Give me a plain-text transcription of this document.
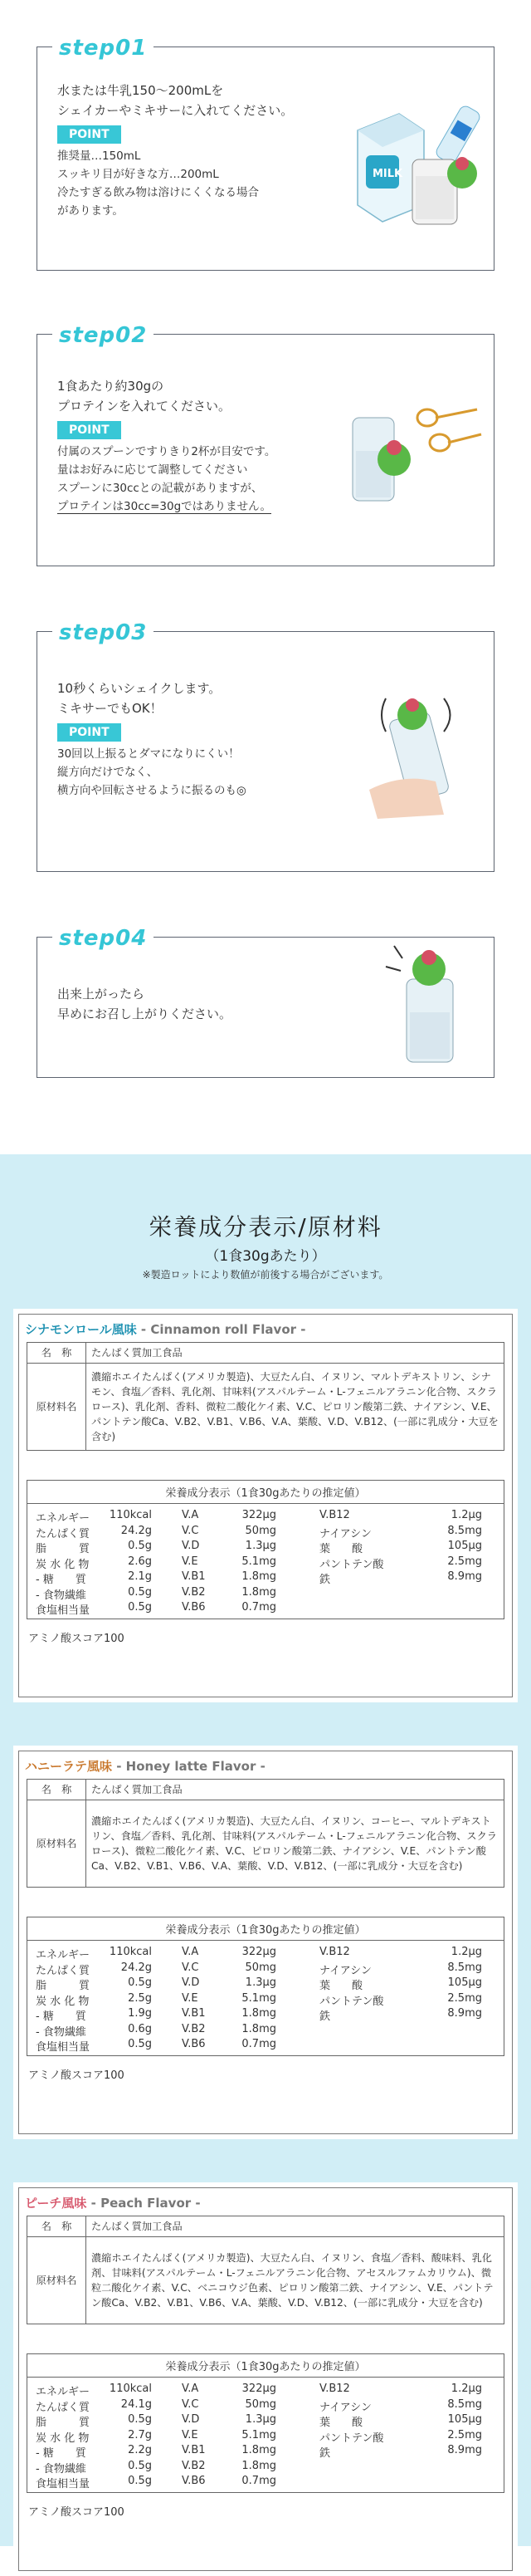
step01
水または牛乳150〜200mLを
シェイカーやミキサーに入れてください。
POINT
推奨量…150mL
スッキリ目が好きな方…200mL
冷たすぎる飲み物は溶けにくくなる場合
があります。
MILK
step02
1食あたり約30gの
プロテインを入れてください。
POINT
付属のスプーンですりきり2杯が目安です。
量はお好みに応じて調整してください
スプーンに30ccとの記載がありますが、
プロテインは30cc=30gではありません。
step03
10秒くらいシェイクします。
ミキサーでもOK！
POINT
30回以上振るとダマになりにくい！
縦方向だけでなく、
横方向や回転させるように振るのも◎
step04
出来上がったら
早めにお召し上がりください。
栄養成分表示/原材料
（1食30gあたり）
※製造ロットにより数値が前後する場合がございます。
シナモンロール風味 - Cinnamon roll Flavor -
名　称	たんぱく質加工食品
原材料名	濃縮ホエイたんぱく(アメリカ製造)、大豆たん白、イヌリン、マルトデキストリン、シナモン、食塩／香料、乳化剤、甘味料(アスパルテーム・L-フェニルアラニン化合物、スクラロース)、乳化剤、香料、微粒二酸化ケイ素、V.C、ピロリン酸第二鉄、ナイアシン、V.E、パントテン酸Ca、V.B2、V.B1、V.B6、V.A、葉酸、V.D、V.B12、(一部に乳成分・大豆を含む)
栄養成分表示（1食30gあたりの推定値）
エネルギー	110kcal	V.A	322μg	V.B12	1.2μg
たんぱく質	24.2g	V.C	50mg	ナイアシン	8.5mg
脂　　　質	0.5g	V.D	1.3μg	葉　　酸	105μg
炭 水 化 物	2.6g	V.E	5.1mg	パントテン酸	2.5mg
- 糖　　質	2.1g	V.B1	1.8mg	鉄	8.9mg
- 食物繊維	0.5g	V.B2	1.8mg
食塩相当量	0.5g	V.B6	0.7mg
アミノ酸スコア100
ハニーラテ風味 - Honey latte Flavor -
名　称	たんぱく質加工食品
原材料名	濃縮ホエイたんぱく(アメリカ製造)、大豆たん白、イヌリン、コーヒー、マルトデキストリン、食塩／香料、乳化剤、甘味料(アスパルテーム・L-フェニルアラニン化合物、スクラロース)、微粒二酸化ケイ素、V.C、ピロリン酸第二鉄、ナイアシン、V.E、パントテン酸Ca、V.B2、V.B1、V.B6、V.A、葉酸、V.D、V.B12、(一部に乳成分・大豆を含む)
栄養成分表示（1食30gあたりの推定値）
エネルギー	110kcal	V.A	322μg	V.B12	1.2μg
たんぱく質	24.2g	V.C	50mg	ナイアシン	8.5mg
脂　　　質	0.5g	V.D	1.3μg	葉　　酸	105μg
炭 水 化 物	2.5g	V.E	5.1mg	パントテン酸	2.5mg
- 糖　　質	1.9g	V.B1	1.8mg	鉄	8.9mg
- 食物繊維	0.6g	V.B2	1.8mg
食塩相当量	0.5g	V.B6	0.7mg
アミノ酸スコア100
ピーチ風味 - Peach Flavor -
名　称	たんぱく質加工食品
原材料名	濃縮ホエイたんぱく(アメリカ製造)、大豆たん白、イヌリン、食塩／香料、酸味料、乳化剤、甘味料(アスパルテーム・L-フェニルアラニン化合物、アセスルファムカリウム)、微粒二酸化ケイ素、V.C、ベニコウジ色素、ピロリン酸第二鉄、ナイアシン、V.E、パントテン酸Ca、V.B2、V.B1、V.B6、V.A、葉酸、V.D、V.B12、(一部に乳成分・大豆を含む)
栄養成分表示（1食30gあたりの推定値）
エネルギー	110kcal	V.A	322μg	V.B12	1.2μg
たんぱく質	24.1g	V.C	50mg	ナイアシン	8.5mg
脂　　　質	0.5g	V.D	1.3μg	葉　　酸	105μg
炭 水 化 物	2.7g	V.E	5.1mg	パントテン酸	2.5mg
- 糖　　質	2.2g	V.B1	1.8mg	鉄	8.9mg
- 食物繊維	0.5g	V.B2	1.8mg
食塩相当量	0.5g	V.B6	0.7mg
アミノ酸スコア100
